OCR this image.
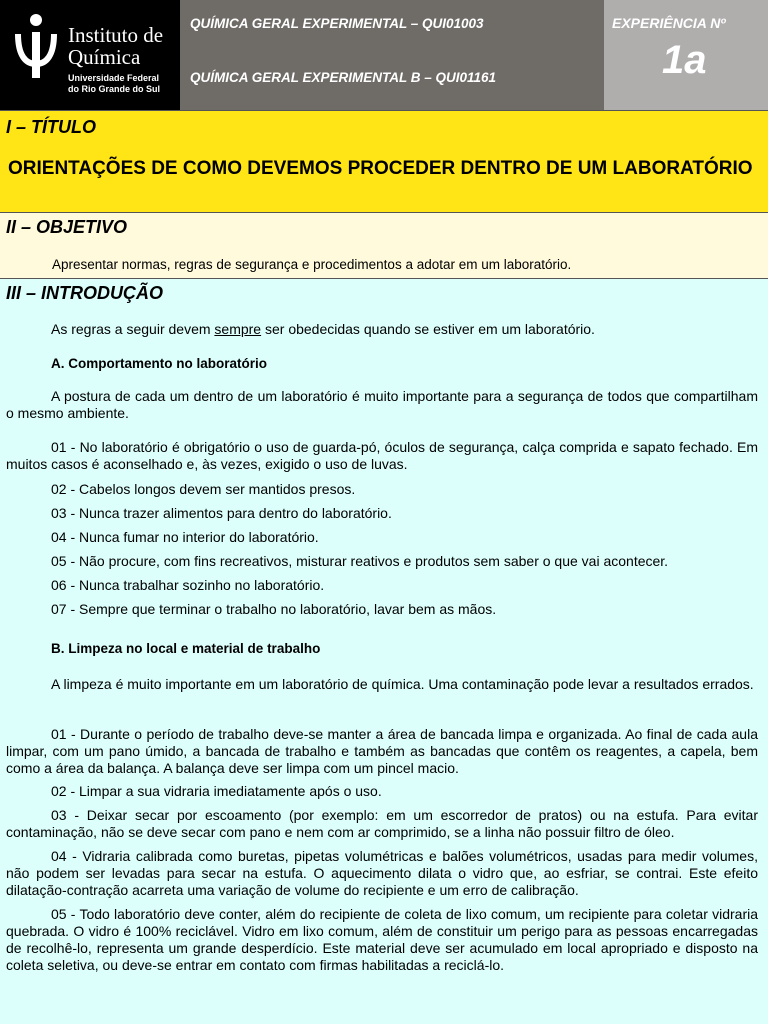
Instituto de
Química
Universidade Federal
do Rio Grande do Sul
QUÍMICA GERAL EXPERIMENTAL – QUI01003
QUÍMICA GERAL EXPERIMENTAL B – QUI01161
EXPERIÊNCIA Nº
1a
I – TÍTULO
ORIENTAÇÕES DE COMO DEVEMOS PROCEDER DENTRO DE UM LABORATÓRIO
II – OBJETIVO
Apresentar normas, regras de segurança e procedimentos a adotar em um laboratório.
III – INTRODUÇÃO
As regras a seguir devem sempre ser obedecidas quando se estiver em um laboratório.
A. Comportamento no laboratório
A postura de cada um dentro de um laboratório é muito importante para a segurança de todos que compartilham o mesmo ambiente.
01 - No laboratório é obrigatório o uso de guarda-pó, óculos de segurança, calça comprida e sapato fechado. Em muitos casos é aconselhado e, às vezes, exigido o uso de luvas.
02 - Cabelos longos devem ser mantidos presos.
03 - Nunca trazer alimentos para dentro do laboratório.
04 - Nunca fumar no interior do laboratório.
05 - Não procure, com fins recreativos, misturar reativos e produtos sem saber o que vai acontecer.
06 - Nunca trabalhar sozinho no laboratório.
07 - Sempre que terminar o trabalho no laboratório, lavar bem as mãos.
B. Limpeza no local e material de trabalho
A limpeza é muito importante em um laboratório de química. Uma contaminação pode levar a resultados errados.
01 - Durante o período de trabalho deve-se manter a área de bancada limpa e organizada. Ao final de cada aula limpar, com um pano úmido, a bancada de trabalho e também as bancadas que contêm os reagentes, a capela, bem como a área da balança. A balança deve ser limpa com um pincel macio.
02 - Limpar a sua vidraria imediatamente após o uso.
03 - Deixar secar por escoamento (por exemplo: em um escorredor de pratos) ou na estufa. Para evitar contaminação, não se deve secar com pano e nem com ar comprimido, se a linha não possuir filtro de óleo.
04 - Vidraria calibrada como buretas, pipetas volumétricas e balões volumétricos, usadas para medir volumes, não podem ser levadas para secar na estufa. O aquecimento dilata o vidro que, ao esfriar, se contrai. Este efeito dilatação-contração acarreta uma variação de volume do recipiente e um erro de calibração.
05 - Todo laboratório deve conter, além do recipiente de coleta de lixo comum, um recipiente para coletar vidraria quebrada. O vidro é 100% reciclável. Vidro em lixo comum, além de constituir um perigo para as pessoas encarregadas de recolhê-lo, representa um grande desperdício. Este material deve ser acumulado em local apropriado e disposto na coleta seletiva, ou deve-se entrar em contato com firmas habilitadas a reciclá-lo.
